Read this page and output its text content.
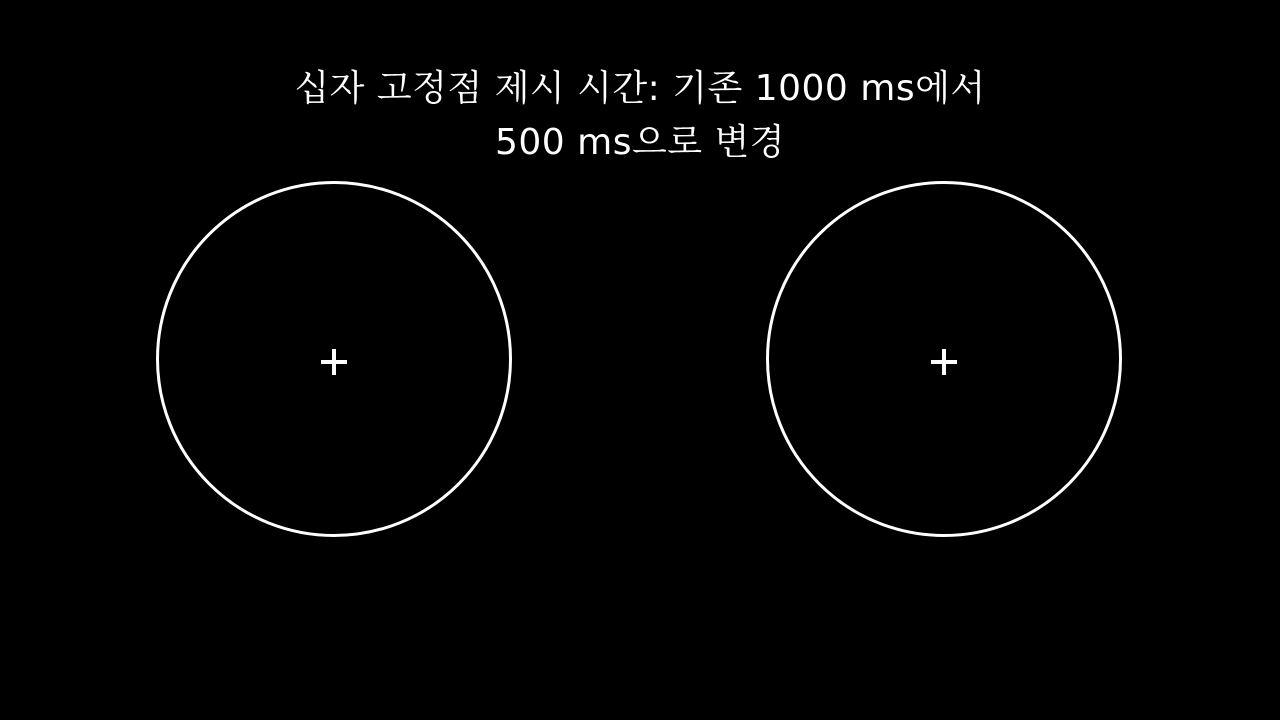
십자 고정점 제시 시간: 기존 1000 ms에서
500 ms으로 변경
